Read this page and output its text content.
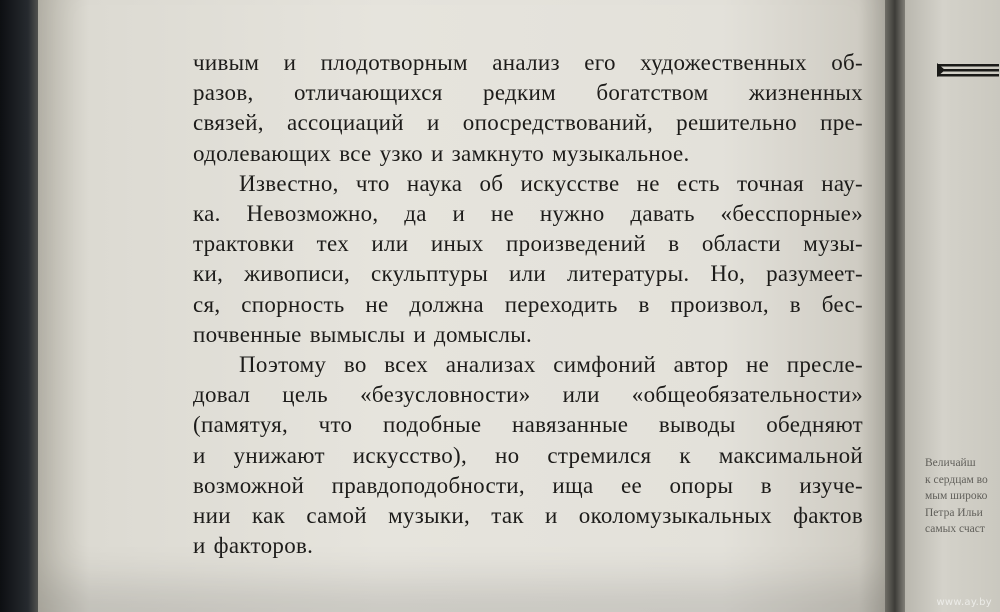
чивым и плодотворным анализ его художественных об-
разов, отличающихся редким богатством жизненных
связей, ассоциаций и опосредствований, решительно пре-
одолевающих все узко и замкнуто музыкальное.
Известно, что наука об искусстве не есть точная нау-
ка. Невозможно, да и не нужно давать «бесспорные»
трактовки тех или иных произведений в области музы-
ки, живописи, скульптуры или литературы. Но, разумеет-
ся, спорность не должна переходить в произвол, в бес-
почвенные вымыслы и домыслы.
Поэтому во всех анализах симфоний автор не пресле-
довал цель «безусловности» или «общеобязательности»
(памятуя, что подобные навязанные выводы обедняют
и унижают искусство), но стремился к максимальной
возможной правдоподобности, ища ее опоры в изуче-
нии как самой музыки, так и околомузыкальных фактов
и факторов.
Величайш
к сердцам во
мым широко
Петра Ильи
самых счаст
www.ay.by
